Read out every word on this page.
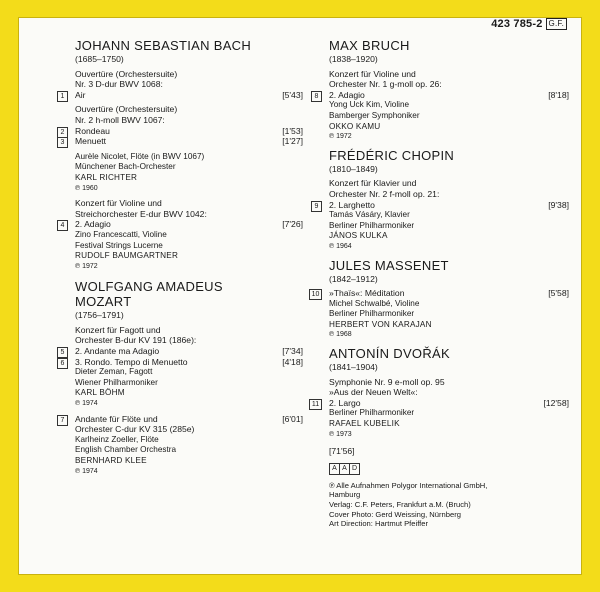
423 785-2 G.F.
JOHANN SEBASTIAN BACH
(1685–1750)
Ouvertüre (Orchestersuite)
Nr. 3 D-dur BWV 1068:
1	Air	[5'43]
Ouvertüre (Orchestersuite)
Nr. 2 h-moll BWV 1067:
2	Rondeau	[1'53]
3	Menuett	[1'27]
Aurèle Nicolet, Flöte (in BWV 1067)
Münchener Bach-Orchester
KARL RICHTER
℗ 1960
Konzert für Violine und
Streichorchester E-dur BWV 1042:
4	2. Adagio	[7'26]
Zino Francescatti, Violine
Festival Strings Lucerne
RUDOLF BAUMGARTNER
℗ 1972
WOLFGANG AMADEUS
MOZART
(1756–1791)
Konzert für Fagott und
Orchester B-dur KV 191 (186e):
5	2. Andante ma Adagio	[7'34]
6	3. Rondo. Tempo di Menuetto	[4'18]
Dieter Zeman, Fagott
Wiener Philharmoniker
KARL BÖHM
℗ 1974
7	Andante für Flöte und	[6'01]
Orchester C-dur KV 315 (285e)
Karlheinz Zoeller, Flöte
English Chamber Orchestra
BERNHARD KLEE
℗ 1974
MAX BRUCH
(1838–1920)
Konzert für Violine und
Orchester Nr. 1 g-moll op. 26:
8	2. Adagio	[8'18]
Yong Uck Kim, Violine
Bamberger Symphoniker
OKKO KAMU
℗ 1972
FRÉDÉRIC CHOPIN
(1810–1849)
Konzert für Klavier und
Orchester Nr. 2 f-moll op. 21:
9	2. Larghetto	[9'38]
Tamás Vásáry, Klavier
Berliner Philharmoniker
JÁNOS KULKA
℗ 1964
JULES MASSENET
(1842–1912)
10	»Thaïs«: Méditation	[5'58]
Michel Schwalbé, Violine
Berliner Philharmoniker
HERBERT VON KARAJAN
℗ 1968
ANTONÍN DVOŘÁK
(1841–1904)
Symphonie Nr. 9 e-moll op. 95
»Aus der Neuen Welt«:
11	2. Largo	[12'58]
Berliner Philharmoniker
RAFAEL KUBELIK
℗ 1973
[71'56]
A A D
℗ Alle Aufnahmen Polygor International GmbH,
Hamburg
Verlag: C.F. Peters, Frankfurt a.M. (Bruch)
Cover Photo: Gerd Weissing, Nürnberg
Art Direction: Hartmut Pfeiffer
